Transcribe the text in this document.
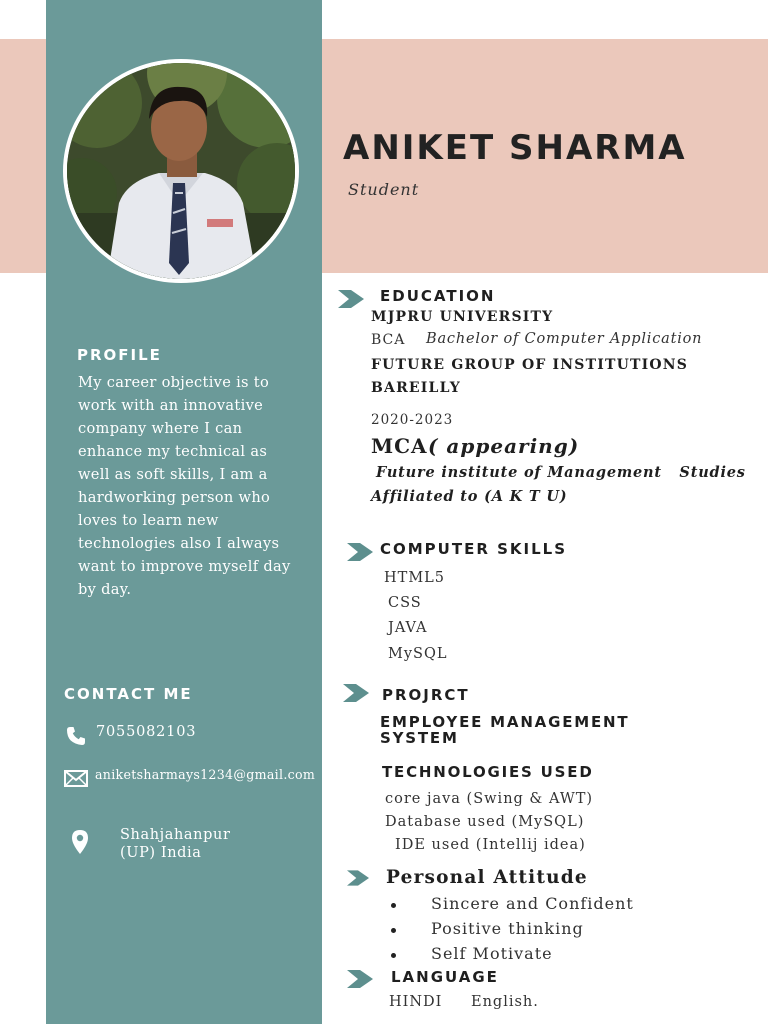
ANIKET SHARMA
Student
PROFILE
My career objective is to work with an innovative company where I can enhance my technical as well as soft skills, I am a hardworking person who loves to learn new technologies also I always want to improve myself day by day.
CONTACT ME
7055082103
aniketsharmays1234@gmail.com
Shahjahanpur
(UP) India
EDUCATION
MJPRU UNIVERSITY
BCA Bachelor of Computer Application
FUTURE GROUP OF INSTITUTIONS
BAREILLY
2020-2023
MCA ( appearing)
Future institute of Management   Studies
Affiliated to (A K T U)
COMPUTER SKILLS
HTML5
CSS
JAVA
MySQL
PROJRCT
EMPLOYEE MANAGEMENT
SYSTEM
TECHNOLOGIES USED
core java (Swing & AWT)
Database used (MySQL)
IDE used (Intellij idea)
Personal Attitude
Sincere and Confident
Positive thinking
Self Motivate
LANGUAGE
HINDI English.
